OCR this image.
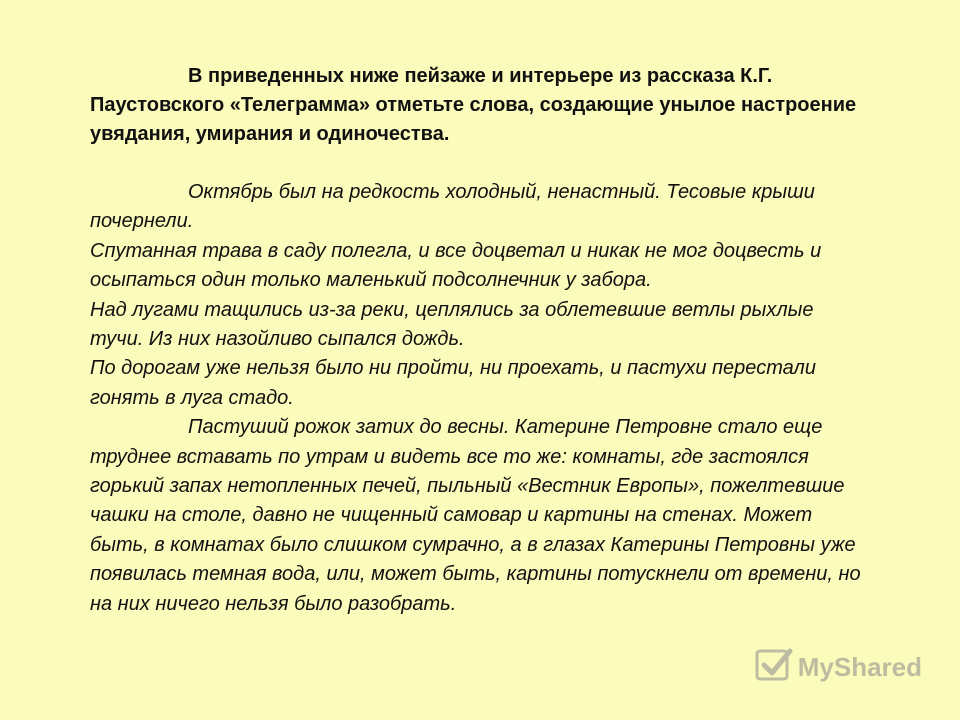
В приведенных ниже пейзаже и интерьере из рассказа К.Г. Паустовского «Телеграмма» отметьте слова, создающие унылое настроение увядания, умирания и одиночества.

Октябрь был на редкость холодный, ненастный. Тесовые крыши почернели.

Спутанная трава в саду полегла, и все доцветал и никак не мог доцвесть и осыпаться один только маленький подсолнечник у забора.

Над лугами тащились из-за реки, цеплялись за облетевшие ветлы рыхлые тучи. Из них назойливо сыпался дождь.

По дорогам уже нельзя было ни пройти, ни проехать, и пастухи перестали гонять в луга стадо.

Пастуший рожок затих до весны. Катерине Петровне стало еще труднее вставать по утрам и видеть все то же: комнаты, где застоялся горький запах нетопленных печей, пыльный «Вестник Европы», пожелтевшие чашки на столе, давно не чищенный самовар и картины на стенах. Может быть, в комнатах было слишком сумрачно, а в глазах Катерины Петровны уже появилась темная вода, или, может быть, картины потускнели от времени, но на них ничего нельзя было разобрать.

MyShared
